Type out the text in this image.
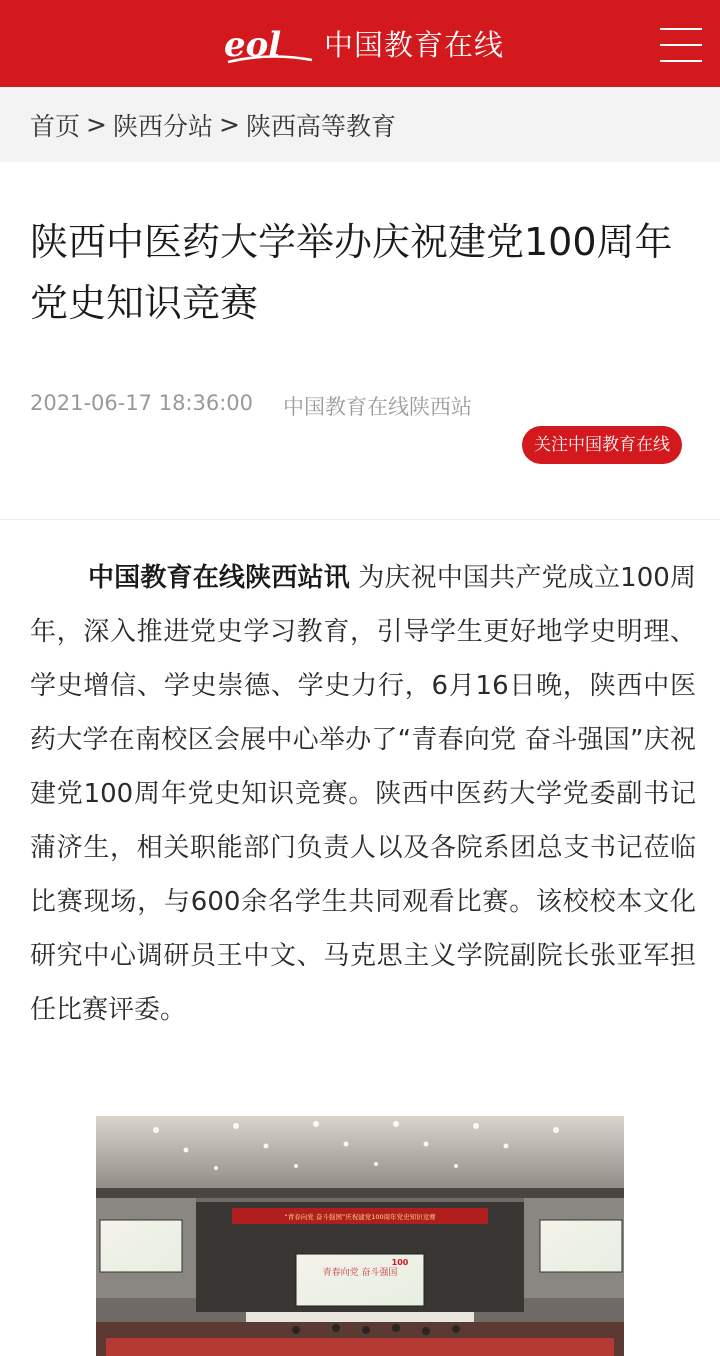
eol 中国教育在线
首页 > 陕西分站 > 陕西高等教育
陕西中医药大学举办庆祝建党100周年党史知识竞赛
2021-06-17 18:36:00 中国教育在线陕西站
关注中国教育在线

中国教育在线陕西站讯 为庆祝中国共产党成立100周年，深入推进党史学习教育，引导学生更好地学史明理、学史增信、学史崇德、学史力行，6月16日晚，陕西中医药大学在南校区会展中心举办了“青春向党 奋斗强国”庆祝建党100周年党史知识竞赛。陕西中医药大学党委副书记蒲济生，相关职能部门负责人以及各院系团总支书记莅临比赛现场，与600余名学生共同观看比赛。该校校本文化研究中心调研员王中文、马克思主义学院副院长张亚军担任比赛评委。

“青春向党 奋斗强国”庆祝建党100周年党史知识竞赛
青春向党 奋斗强国
100
